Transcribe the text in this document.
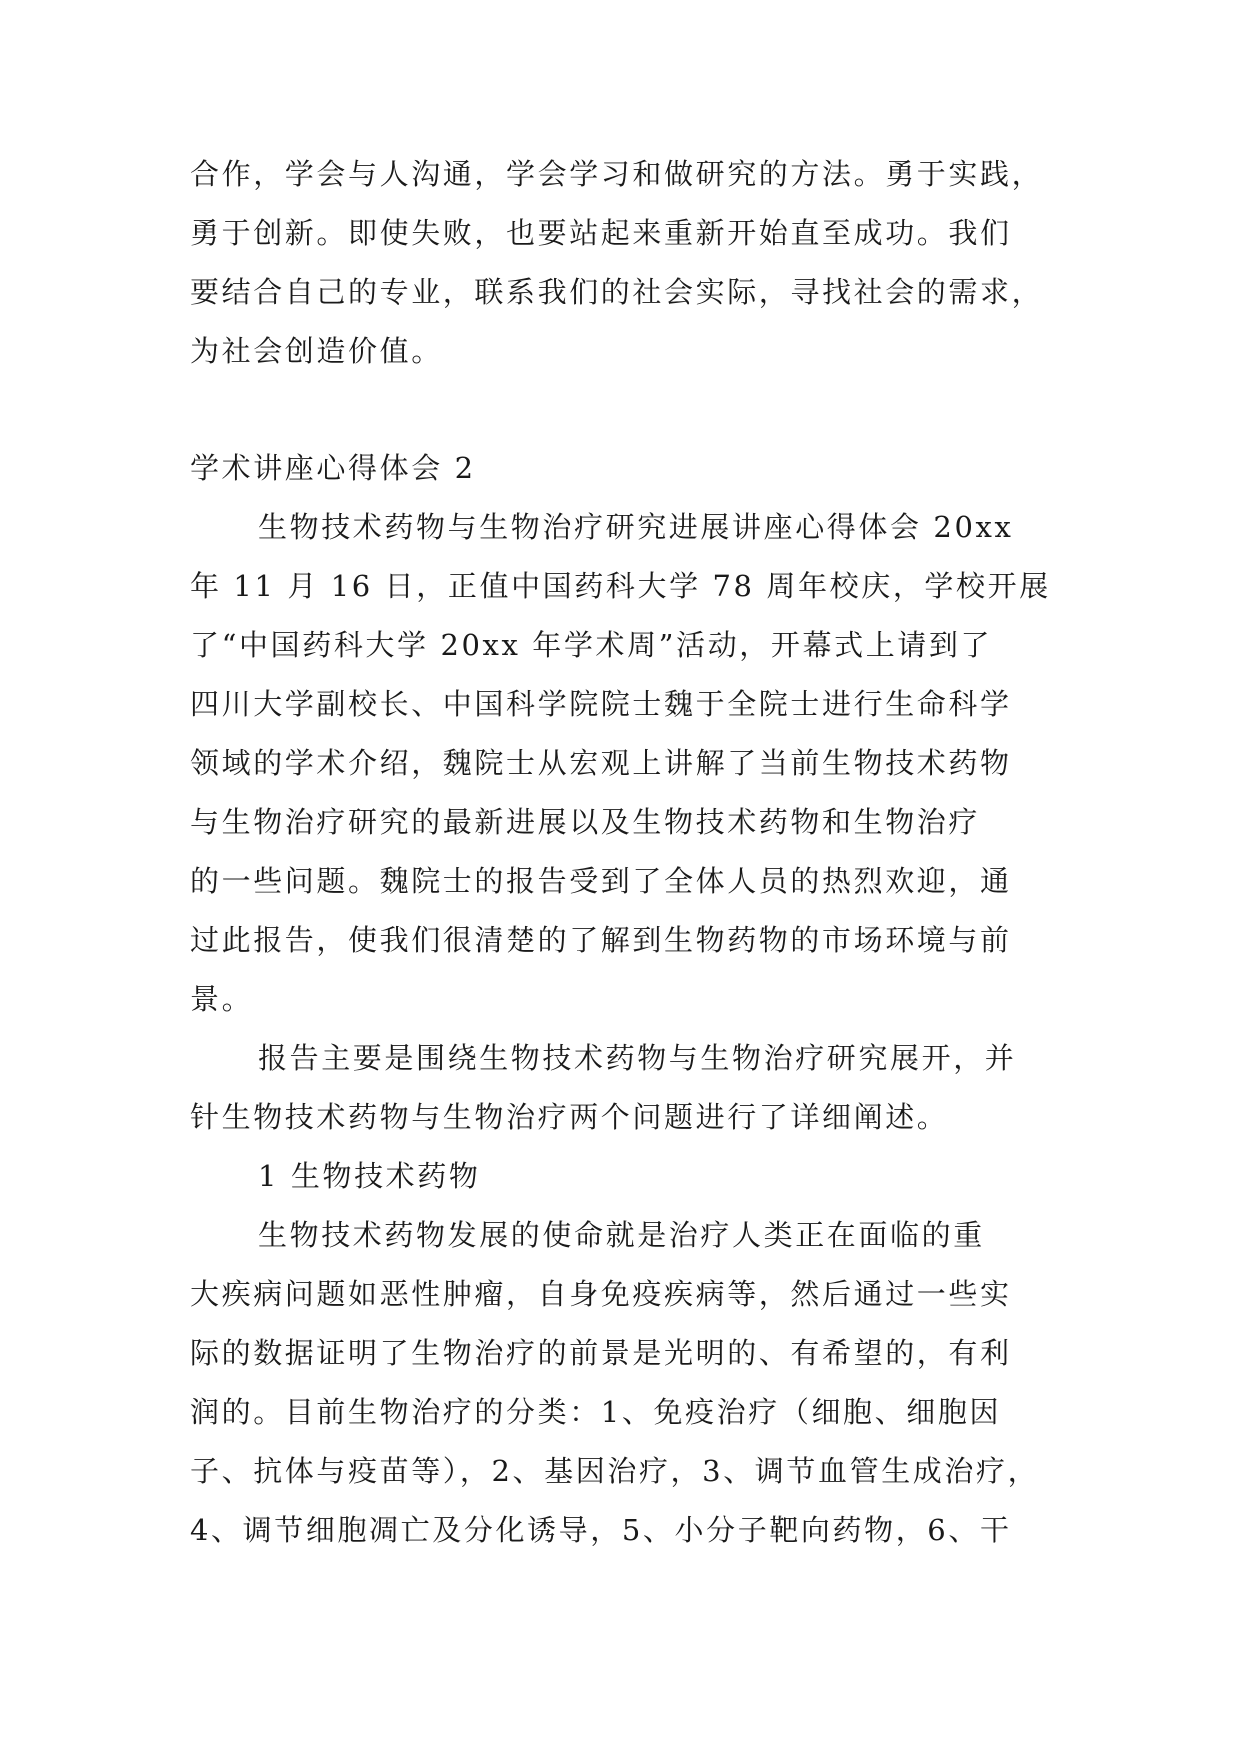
合作，学会与人沟通，学会学习和做研究的方法。勇于实践，
勇于创新。即使失败，也要站起来重新开始直至成功。我们
要结合自己的专业，联系我们的社会实际，寻找社会的需求，
为社会创造价值。
学术讲座心得体会 2
生物技术药物与生物治疗研究进展讲座心得体会 20xx
年 11 月 16 日，正值中国药科大学 78 周年校庆，学校开展
了“中国药科大学 20xx 年学术周”活动，开幕式上请到了
四川大学副校长、中国科学院院士魏于全院士进行生命科学
领域的学术介绍，魏院士从宏观上讲解了当前生物技术药物
与生物治疗研究的最新进展以及生物技术药物和生物治疗
的一些问题。魏院士的报告受到了全体人员的热烈欢迎，通
过此报告，使我们很清楚的了解到生物药物的市场环境与前
景。
报告主要是围绕生物技术药物与生物治疗研究展开，并
针生物技术药物与生物治疗两个问题进行了详细阐述。
1 生物技术药物
生物技术药物发展的使命就是治疗人类正在面临的重
大疾病问题如恶性肿瘤，自身免疫疾病等，然后通过一些实
际的数据证明了生物治疗的前景是光明的、有希望的，有利
润的。目前生物治疗的分类：1、免疫治疗（细胞、细胞因
子、抗体与疫苗等），2、基因治疗，3、调节血管生成治疗，
4、调节细胞凋亡及分化诱导，5、小分子靶向药物，6、干
